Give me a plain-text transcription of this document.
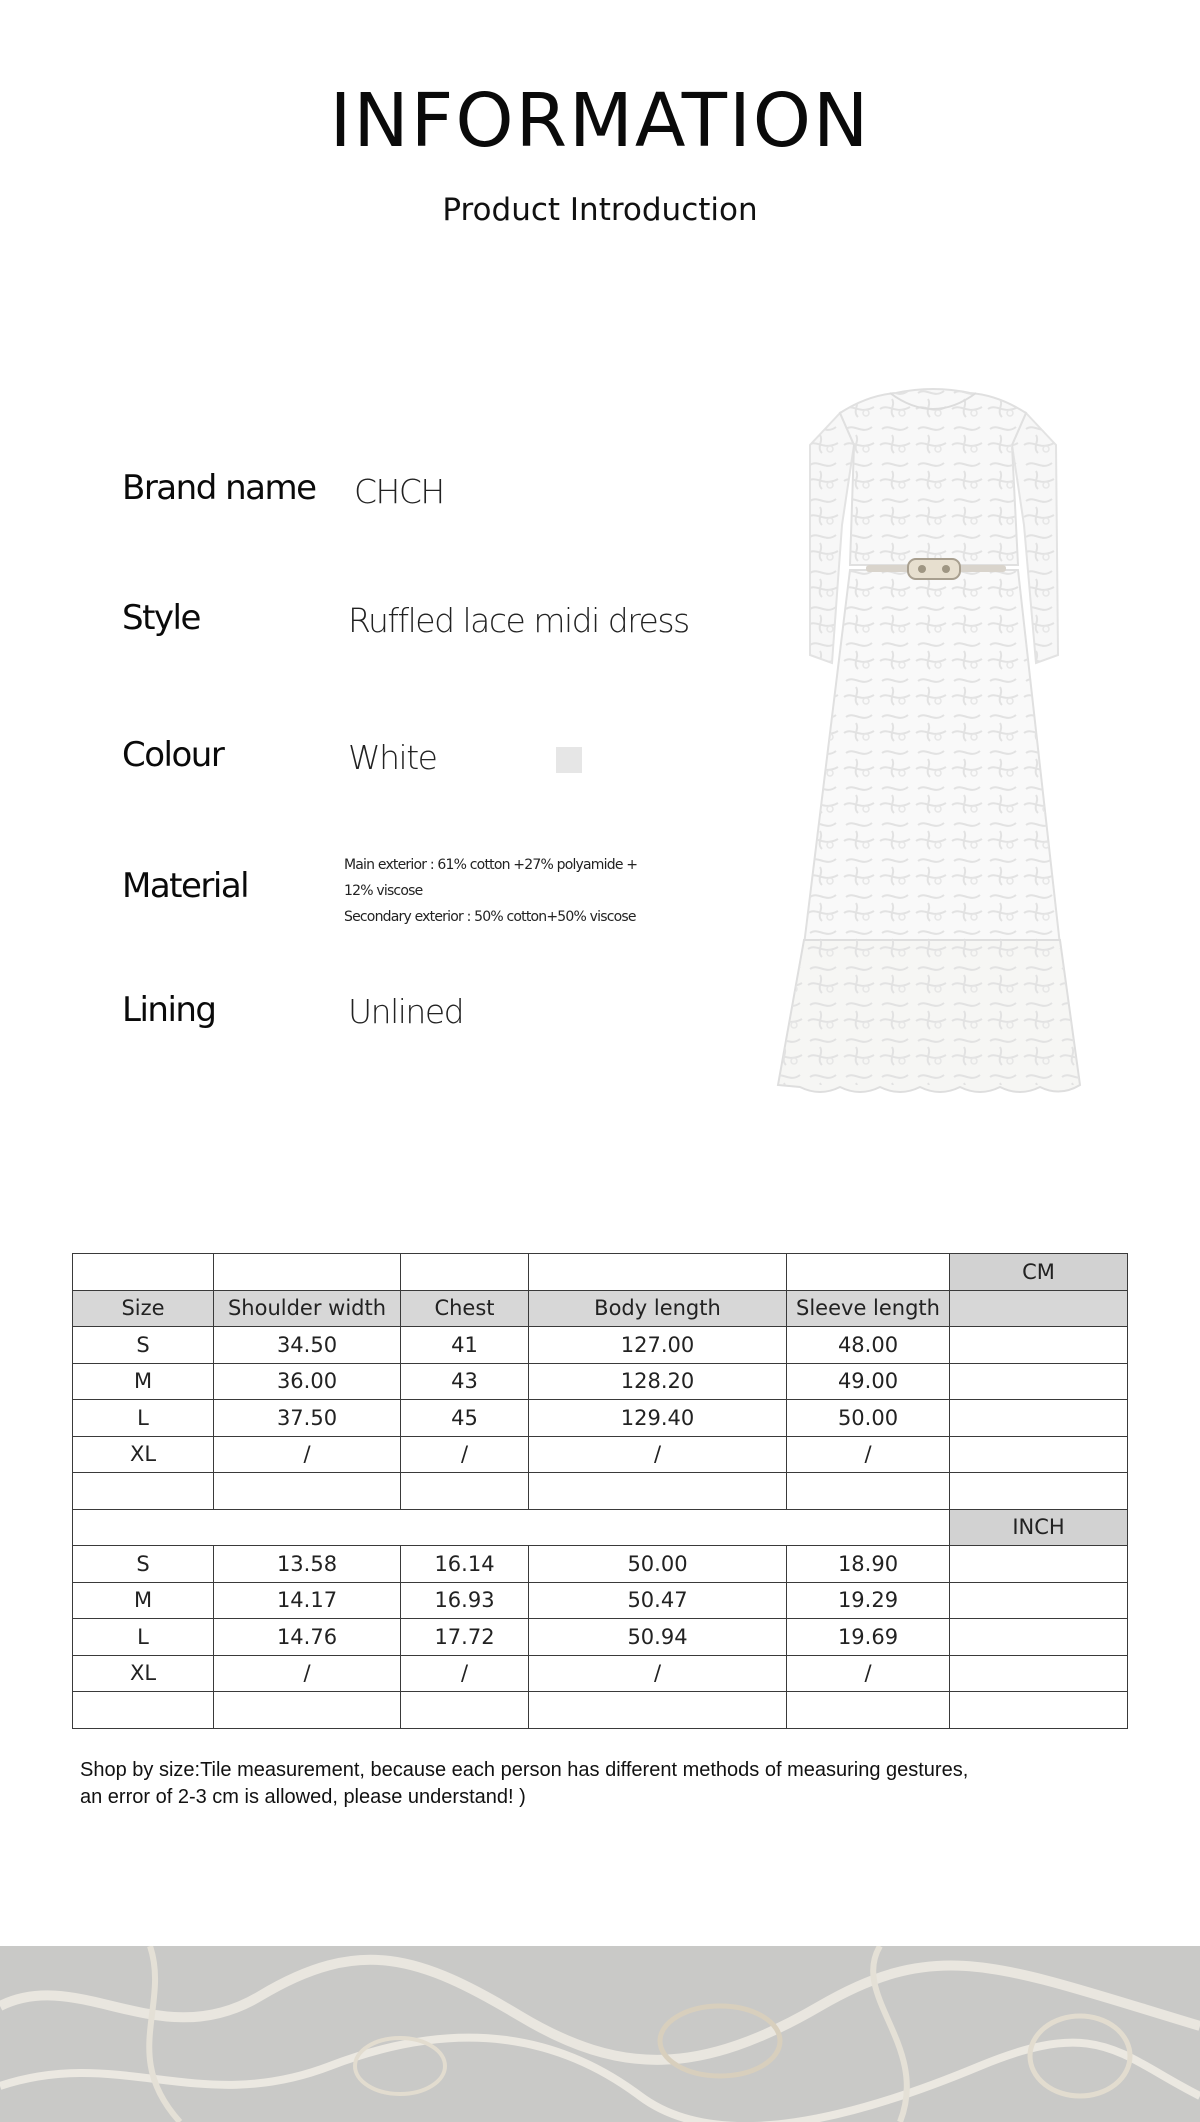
INFORMATION
Product Introduction
Brand name CHCH
Style	Ruffled lace midi dress
Colour	White
Material
Main exterior : 61% cotton +27% polyamide +
12% viscose
Secondary exterior : 50% cotton+50% viscose
Lining	Unlined
					CM
Size	Shoulder width	Chest	Body length	Sleeve length	
S	34.50	41	127.00	48.00	
M	36.00	43	128.20	49.00	
L	37.50	45	129.40	50.00	
XL	/	/	/	/	

					INCH
S	13.58	16.14	50.00	18.90	
M	14.17	16.93	50.47	19.29	
L	14.76	17.72	50.94	19.69	
XL	/	/	/	/	

Shop by size:Tile measurement, because each person has different methods of measuring gestures,
an error of 2-3 cm is allowed, please understand! )
